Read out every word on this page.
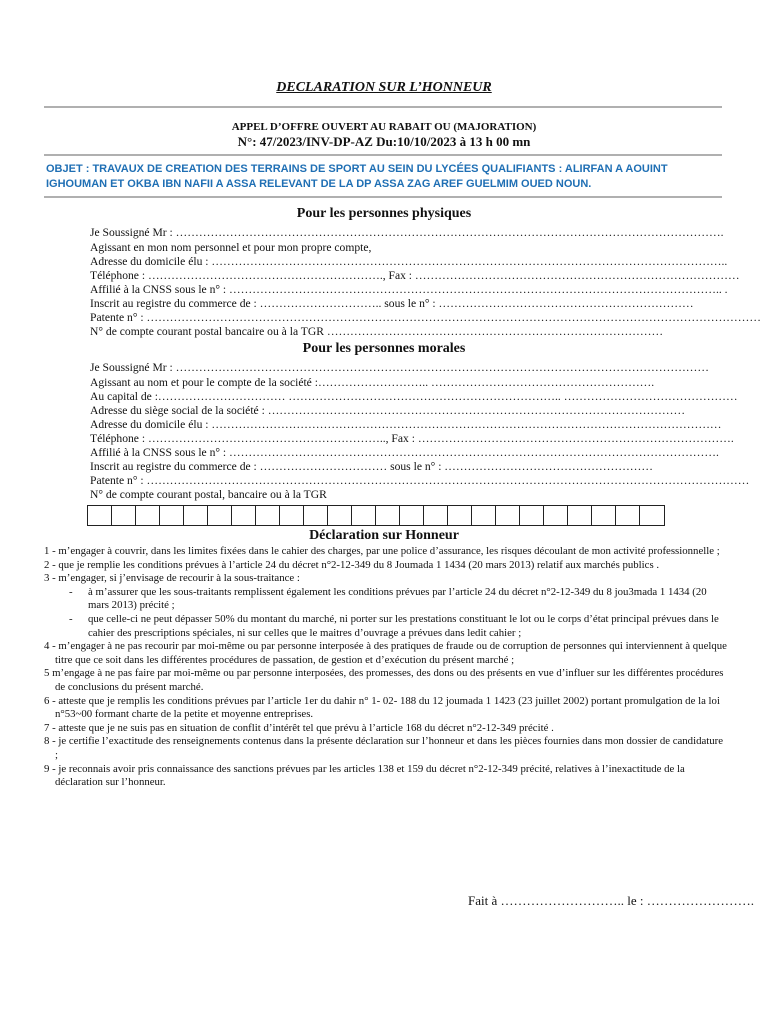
DECLARATION SUR L’HONNEUR
APPEL D’OFFRE OUVERT AU RABAIT OU (MAJORATION)
N°: 47/2023/INV-DP-AZ Du:10/10/2023 à 13 h 00 mn
OBJET : TRAVAUX DE CREATION DES TERRAINS DE SPORT AU SEIN DU LYCÉES QUALIFIANTS : ALIRFAN A AOUINT IGHOUMAN ET OKBA IBN NAFII A ASSA RELEVANT DE LA DP ASSA ZAG AREF GUELMIM OUED NOUN.
Pour les personnes physiques
Je Soussigné Mr : …………………………………………………………………………………………………………………………….
Agissant en mon nom personnel et pour mon propre compte,
Adresse du domicile élu : ……………………………………………………………………………………………………………………..
Téléphone : ……………………………………………………., Fax : …………………………………………………………………………
Affilié à la CNSS sous le n° : ……………………………………………………………………………………………………………….. .
Inscrit au registre du commerce de : ………………………….. sous le n° : …………………………………………………………
Patente n° : ……………………………………………………………………………………………………………………………………………
N° de compte courant postal bancaire ou à la TGR ……………………………………………………………………………
Pour les personnes morales
Je Soussigné Mr : …………………………………………………………………………………………………………………………
Agissant au nom et pour le compte de la société :……………………….. ………………………………………………….
Au capital de :…………………………… …………………………………………………………….. ………………………………………
Adresse du siège social de la société : ………………………………………………………………………………………………
Adresse du domicile élu : ……………………………………………………………………………………………………………………
Téléphone : …………………………………………………….., Fax : ……………………………………………………………………….
Affilié à la CNSS sous le n° : ……………………………………………………………………………………………………………….
Inscrit au registre du commerce de : …………………………… sous le n° : ………………………………………………
Patente n° : …………………………………………………………………………………………………………………………………………
N° de compte courant postal, bancaire ou à la TGR
Déclaration sur Honneur

1 - m’engager à couvrir, dans les limites fixées dans le cahier des charges, par une police d’assurance, les risques découlant de mon activité professionnelle ;

2 - que je remplie les conditions prévues à l’article 24 du décret n°2-12-349 du 8 Joumada 1 1434 (20 mars 2013) relatif aux marchés publics .

3 - m’engager, si j’envisage de recourir à la sous-traitance :

- à m’assurer que les sous-traitants remplissent également les conditions prévues par l’article 24 du décret n°2-12-349 du 8 jou3mada 1 1434 (20 mars 2013) précité ;
- que celle-ci ne peut dépasser 50% du montant du marché, ni porter sur les prestations constituant le lot ou le corps d’état principal prévues dans le cahier des prescriptions spéciales, ni sur celles que le maitres d’ouvrage a prévues dans ledit cahier ;

4 - m’engager à ne pas recourir par moi-même ou par personne interposée à des pratiques de fraude ou de corruption de personnes qui interviennent à quelque titre que ce soit dans les différentes procédures de passation, de gestion et d’exécution du présent marché ;

5 m’engage à ne pas faire par moi-même ou par personne interposées, des promesses, des dons ou des présents en vue d’influer sur les différentes procédures de conclusions du présent marché.

6 - atteste que je remplis les conditions prévues par l’article 1er du dahir n° 1- 02- 188 du 12 joumada 1 1423 (23 juillet 2002) portant promulgation de la loi n°53~00 formant charte de la petite et moyenne entreprises.

7 - atteste que je ne suis pas en situation de conflit d’intérêt tel que prévu à l’article 168 du décret n°2-12-349 précité .

8 - je certifie l’exactitude des renseignements contenus dans la présente déclaration sur l’honneur et dans les pièces fournies dans mon dossier de candidature ;

9 - je reconnais avoir pris connaissance des sanctions prévues par les articles 138 et 159 du décret n°2-12-349 précité, relatives à l’inexactitude de la déclaration sur l’honneur.

Fait à ……………………….. le : …………………….
